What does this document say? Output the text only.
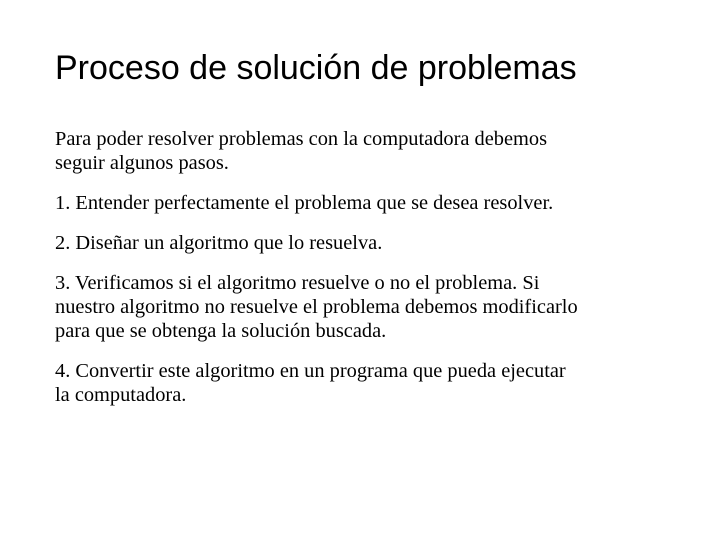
Proceso de solución de problemas

Para poder resolver problemas con la computadora debemos
seguir algunos pasos.

1. Entender perfectamente el problema que se desea resolver.

2. Diseñar un algoritmo que lo resuelva.

3. Verificamos si el algoritmo resuelve o no el problema. Si
nuestro algoritmo no resuelve el problema debemos modificarlo
para que se obtenga la solución buscada.

4. Convertir este algoritmo en un programa que pueda ejecutar
la computadora.
